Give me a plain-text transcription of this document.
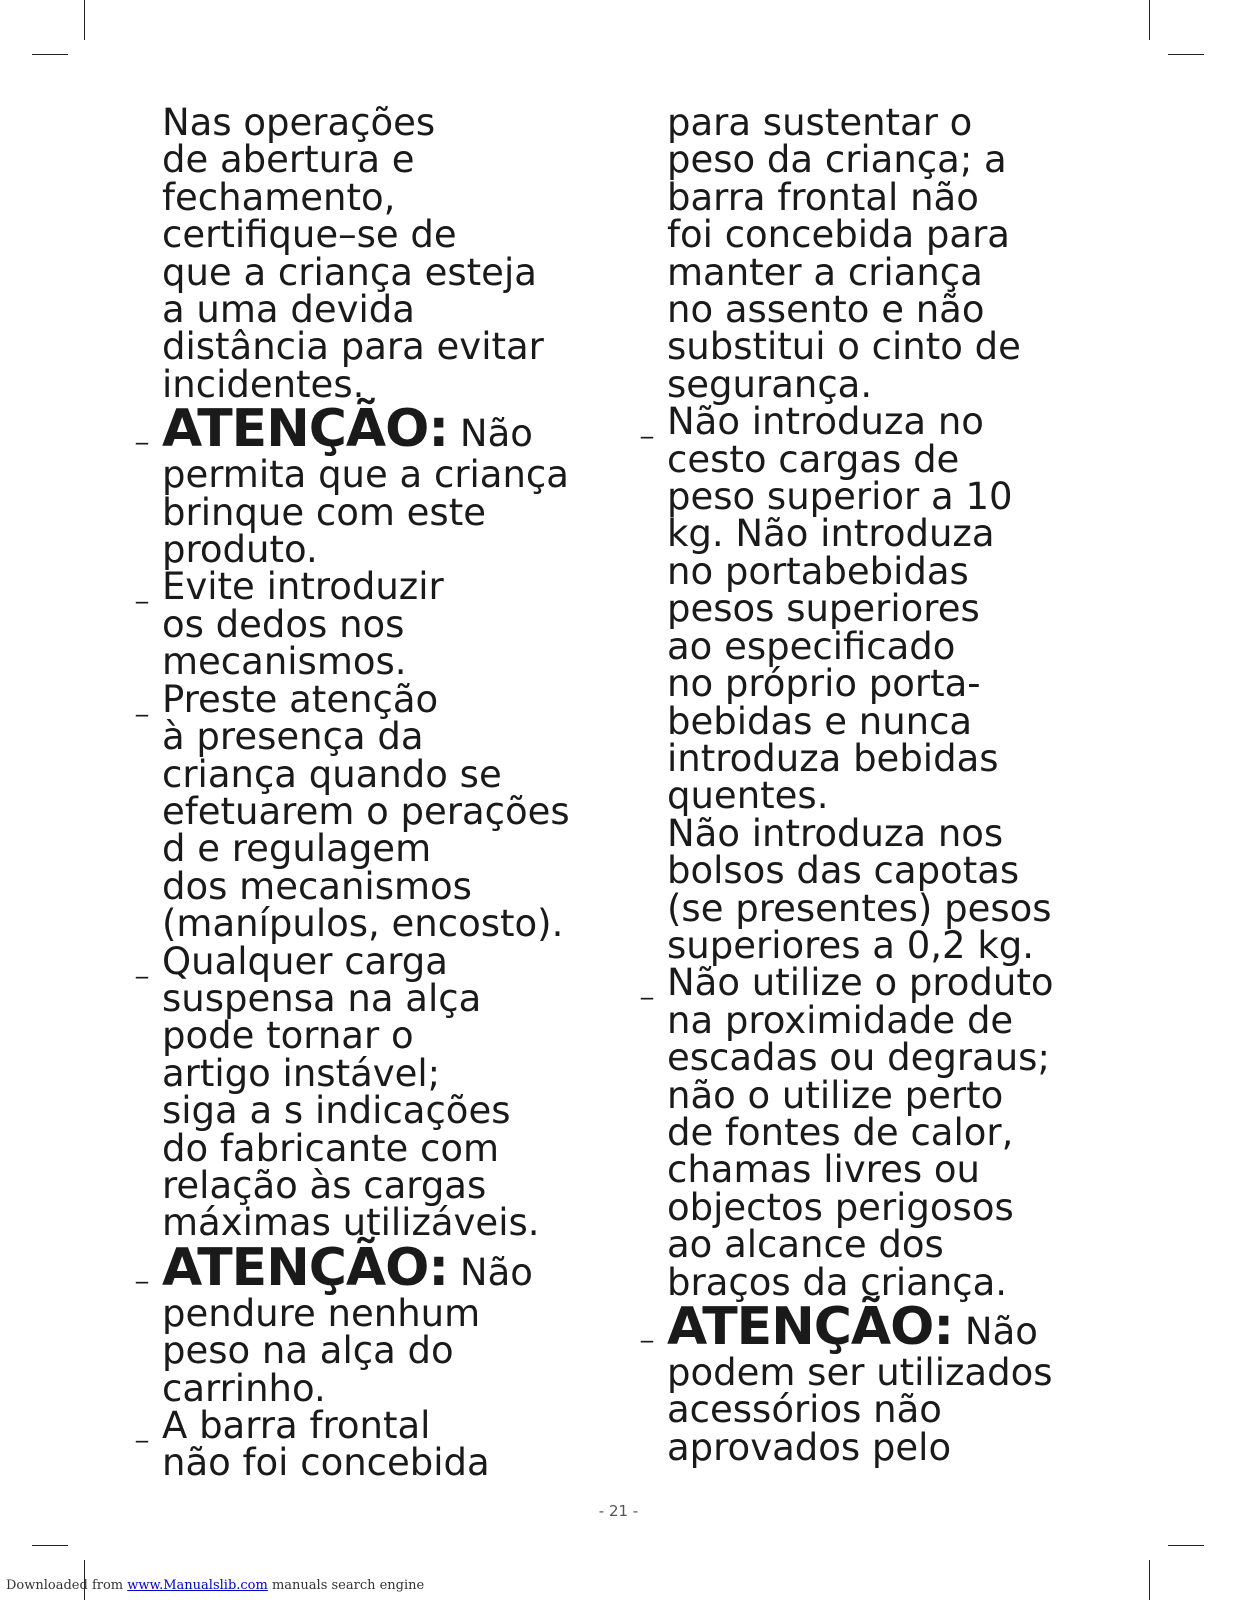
Nas operações
de abertura e
fechamento,
certifique–se de
que a criança esteja
a uma devida
distância para evitar
incidentes.
_ ATENÇÃO: Não
permita que a criança
brinque com este
produto.
_ Evite introduzir
os dedos nos
mecanismos.
_ Preste atenção
à presença da
criança quando se
efetuarem o perações
d e regulagem
dos mecanismos
(manípulos, encosto).
_ Qualquer carga
suspensa na alça
pode tornar o
artigo instável;
siga a s indicações
do fabricante com
relação às cargas
máximas utilizáveis.
_ ATENÇÃO: Não
pendure nenhum
peso na alça do
carrinho.
_ A barra frontal
não foi concebida
para sustentar o
peso da criança; a
barra frontal não
foi concebida para
manter a criança
no assento e não
substitui o cinto de
segurança.
_ Não introduza no
cesto cargas de
peso superior a 10
kg. Não introduza
no portabebidas
pesos superiores
ao especificado
no próprio porta-
bebidas e nunca
introduza bebidas
quentes.
Não introduza nos
bolsos das capotas
(se presentes) pesos
superiores a 0,2 kg.
_ Não utilize o produto
na proximidade de
escadas ou degraus;
não o utilize perto
de fontes de calor,
chamas livres ou
objectos perigosos
ao alcance dos
braços da criança.
_ ATENÇÃO: Não
podem ser utilizados
acessórios não
aprovados pelo
- 21 -
Downloaded from www.Manualslib.com manuals search engine
